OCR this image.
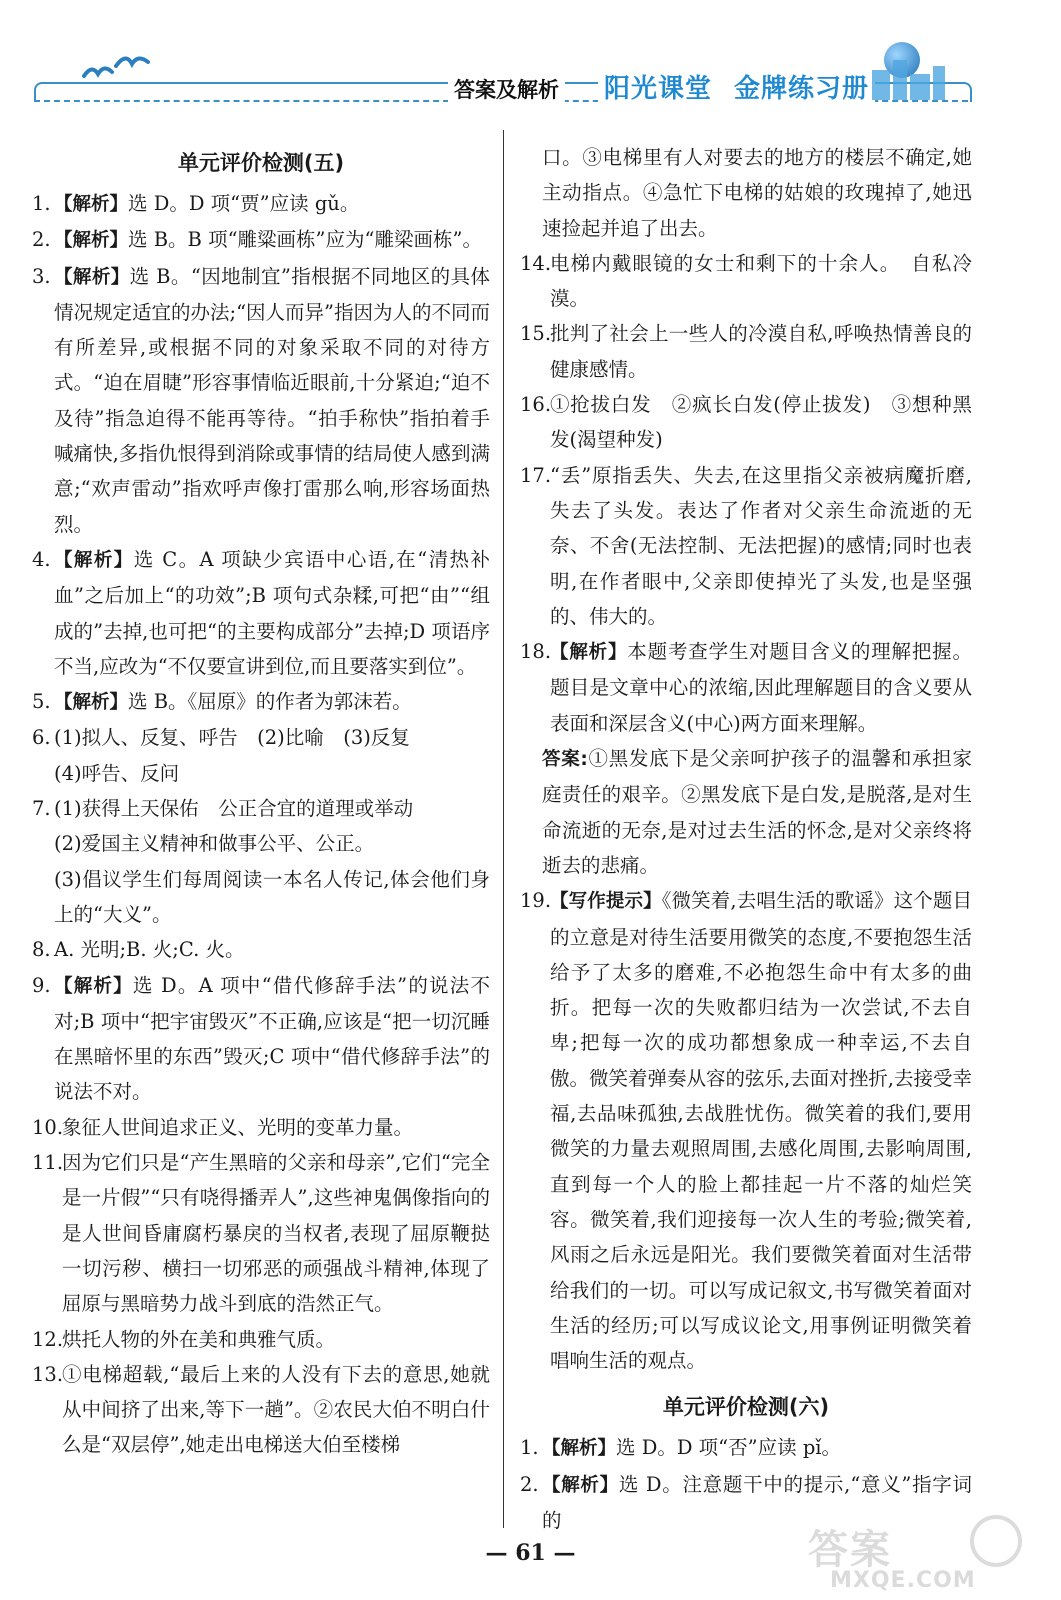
答案及解析 阳光课堂 金牌练习册
单元评价检测(五)
1. 【解析】选 D。D 项“贾”应读 gǔ。
2. 【解析】选 B。B 项“雕粱画栋”应为“雕梁画栋”。
3. 【解析】选 B。“因地制宜”指根据不同地区的具体情况规定适宜的办法;“因人而异”指因为人的不同而有所差异,或根据不同的对象采取不同的对待方式。“迫在眉睫”形容事情临近眼前,十分紧迫;“迫不及待”指急迫得不能再等待。“拍手称快”指拍着手喊痛快,多指仇恨得到消除或事情的结局使人感到满意;“欢声雷动”指欢呼声像打雷那么响,形容场面热烈。
4. 【解析】选 C。A 项缺少宾语中心语,在“清热补血”之后加上“的功效”;B 项句式杂糅,可把“由”“组成的”去掉,也可把“的主要构成部分”去掉;D 项语序不当,应改为“不仅要宣讲到位,而且要落实到位”。
5. 【解析】选 B。《屈原》的作者为郭沫若。
6. (1)拟人、反复、呼告　(2)比喻　(3)反复
(4)呼告、反问
7. (1)获得上天保佑　公正合宜的道理或举动
(2)爱国主义精神和做事公平、公正。
(3)倡议学生们每周阅读一本名人传记,体会他们身上的“大义”。
8. A. 光明;B. 火;C. 火。
9. 【解析】选 D。A 项中“借代修辞手法”的说法不对;B 项中“把宇宙毁灭”不正确,应该是“把一切沉睡在黑暗怀里的东西”毁灭;C 项中“借代修辞手法”的说法不对。
10.
象征人世间追求正义、光明的变革力量。
11.
因为它们只是“产生黑暗的父亲和母亲”,它们“完全是一片假”“只有哓得播弄人”,这些神鬼偶像指向的是人世间昏庸腐朽暴戾的当权者,表现了屈原鞭挞一切污秽、横扫一切邪恶的顽强战斗精神,体现了屈原与黑暗势力战斗到底的浩然正气。
12.
烘托人物的外在美和典雅气质。
13.
①电梯超载,“最后上来的人没有下去的意思,她就从中间挤了出来,等下一趟”。②农民大伯不明白什么是“双层停”,她走出电梯送大伯至楼梯
口。③电梯里有人对要去的地方的楼层不确定,她主动指点。④急忙下电梯的姑娘的玫瑰掉了,她迅速捡起并追了出去。
14.
电梯内戴眼镜的女士和剩下的十余人。　自私冷漠。
15.
批判了社会上一些人的冷漠自私,呼唤热情善良的健康感情。
16.
①抢拔白发　②疯长白发(停止拔发)　③想种黑发(渴望种发)
17.
“丢”原指丢失、失去,在这里指父亲被病魔折磨,失去了头发。表达了作者对父亲生命流逝的无奈、不舍(无法控制、无法把握)的感情;同时也表明,在作者眼中,父亲即使掉光了头发,也是坚强的、伟大的。
18.
【解析】本题考查学生对题目含义的理解把握。题目是文章中心的浓缩,因此理解题目的含义要从表面和深层含义(中心)两方面来理解。
答案:①黑发底下是父亲呵护孩子的温馨和承担家庭责任的艰辛。②黑发底下是白发,是脱落,是对生命流逝的无奈,是对过去生活的怀念,是对父亲终将逝去的悲痛。
19.
【写作提示】《微笑着,去唱生活的歌谣》这个题目的立意是对待生活要用微笑的态度,不要抱怨生活给予了太多的磨难,不必抱怨生命中有太多的曲折。把每一次的失败都归结为一次尝试,不去自卑;把每一次的成功都想象成一种幸运,不去自傲。微笑着弹奏从容的弦乐,去面对挫折,去接受幸福,去品味孤独,去战胜忧伤。微笑着的我们,要用微笑的力量去观照周围,去感化周围,去影响周围,直到每一个人的脸上都挂起一片不落的灿烂笑容。微笑着,我们迎接每一次人生的考验;微笑着,风雨之后永远是阳光。我们要微笑着面对生活带给我们的一切。可以写成记叙文,书写微笑着面对生活的经历;可以写成议论文,用事例证明微笑着唱响生活的观点。
单元评价检测(六)
1. 【解析】选 D。D 项“否”应读 pǐ。
2. 【解析】选 D。注意题干中的提示,“意义”指字词的
— 61 —	答案
MXQE.COM
